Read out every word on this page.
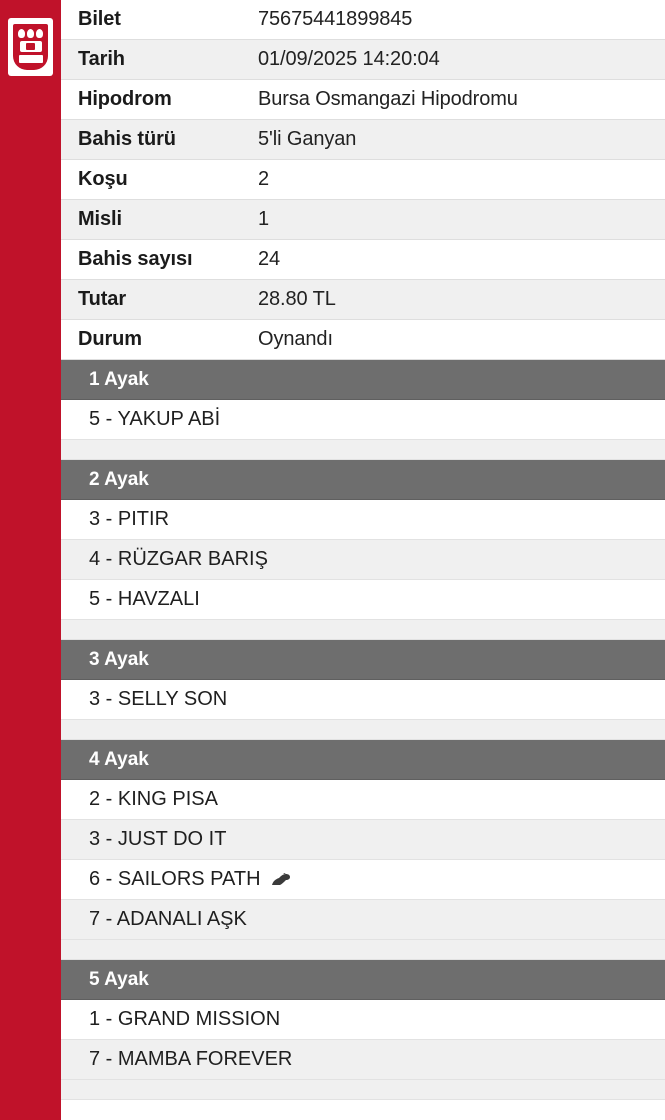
Bilet	75675441899845
Tarih	01/09/2025 14:20:04
Hipodrom	Bursa Osmangazi Hipodromu
Bahis türü	5'li Ganyan
Koşu	2
Misli	1
Bahis sayısı	24
Tutar	28.80 TL
Durum	Oynandı
1 Ayak
5 - YAKUP ABİ
2 Ayak
3 - PITIR
4 - RÜZGAR BARIŞ
5 - HAVZALI
3 Ayak
3 - SELLY SON
4 Ayak
2 - KING PISA
3 - JUST DO IT
6 - SAILORS PATH
7 - ADANALI AŞK
5 Ayak
1 - GRAND MISSION
7 - MAMBA FOREVER
